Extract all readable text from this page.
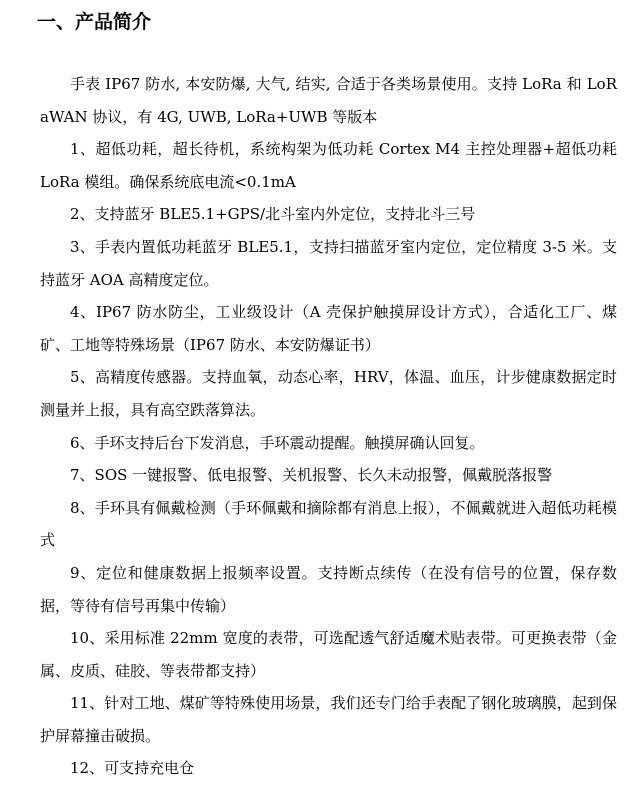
一、产品简介

手表 IP67 防水, 本安防爆, 大气, 结实, 合适于各类场景使用。支持 LoRa 和 LoRaWAN 协议，有 4G, UWB, LoRa+UWB 等版本

1、超低功耗，超长待机，系统构架为低功耗 Cortex M4 主控处理器+超低功耗 LoRa 模组。确保系统底电流<0.1mA

2、支持蓝牙 BLE5.1+GPS/北斗室内外定位，支持北斗三号

3、手表内置低功耗蓝牙 BLE5.1，支持扫描蓝牙室内定位，定位精度 3-5 米。支持蓝牙 AOA 高精度定位。

4、IP67 防水防尘，工业级设计（A 壳保护触摸屏设计方式），合适化工厂、煤矿、工地等特殊场景（IP67 防水、本安防爆证书）

5、高精度传感器。支持血氧，动态心率，HRV，体温、血压，计步健康数据定时测量并上报，具有高空跌落算法。

6、手环支持后台下发消息，手环震动提醒。触摸屏确认回复。

7、SOS 一键报警、低电报警、关机报警、长久未动报警，佩戴脱落报警

8、手环具有佩戴检测（手环佩戴和摘除都有消息上报），不佩戴就进入超低功耗模式

9、定位和健康数据上报频率设置。支持断点续传（在没有信号的位置，保存数据，等待有信号再集中传输）

10、采用标准 22mm 宽度的表带，可选配透气舒适魔术贴表带。可更换表带（金属、皮质、硅胶、等表带都支持）

11、针对工地、煤矿等特殊使用场景，我们还专门给手表配了钢化玻璃膜，起到保护屏幕撞击破损。

12、可支持充电仓
